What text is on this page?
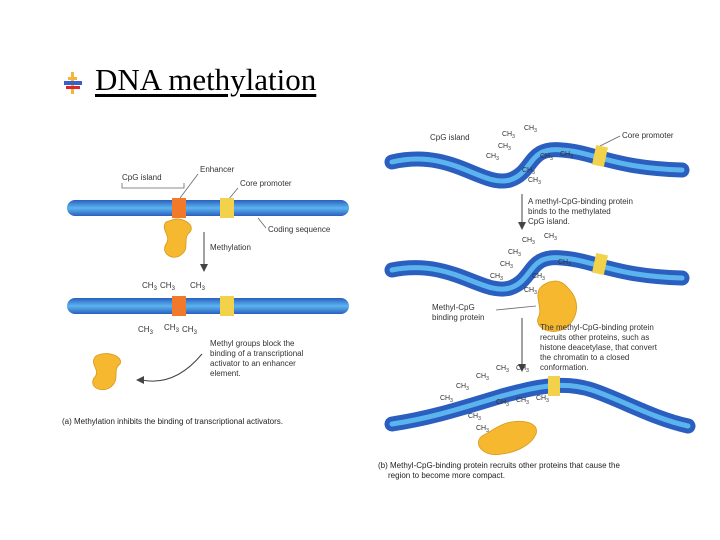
DNA methylation
CpG island
Enhancer
Core promoter
Coding sequence
Methylation
$CH_3$ $CH_3$ $CH_3$
$CH_3$
$CH_3$ $CH_3$
Methyl groups block the
binding of a transcriptional
activator to an enhancer
element.
(a) Methylation inhibits the binding of transcriptional activators.
CpG island	Core promoter
$CH_3$
$CH_3$
$CH_3$
$CH_3$	$CH_3$
$CH_3$
$CH_3$
$CH_3$
A methyl-CpG-binding protein
binds to the methylated
CpG island.
$CH_3$
$CH_3$
$CH_3$
$CH_3$
$CH_3$
$CH_3$
$CH_3$
$CH_3$
Methyl-CpG
binding protein
The methyl-CpG-binding protein
recruits other proteins, such as
histone deacetylase, that convert
the chromatin to a closed
conformation.
$CH_3$ $CH_3$
$CH_3$
$CH_3$
$CH_3$	$CH_3$
$CH_3$
$CH_3$
$CH_3$
$CH_3$
(b) Methyl-CpG-binding protein recruits other proteins that cause the
region to become more compact.
